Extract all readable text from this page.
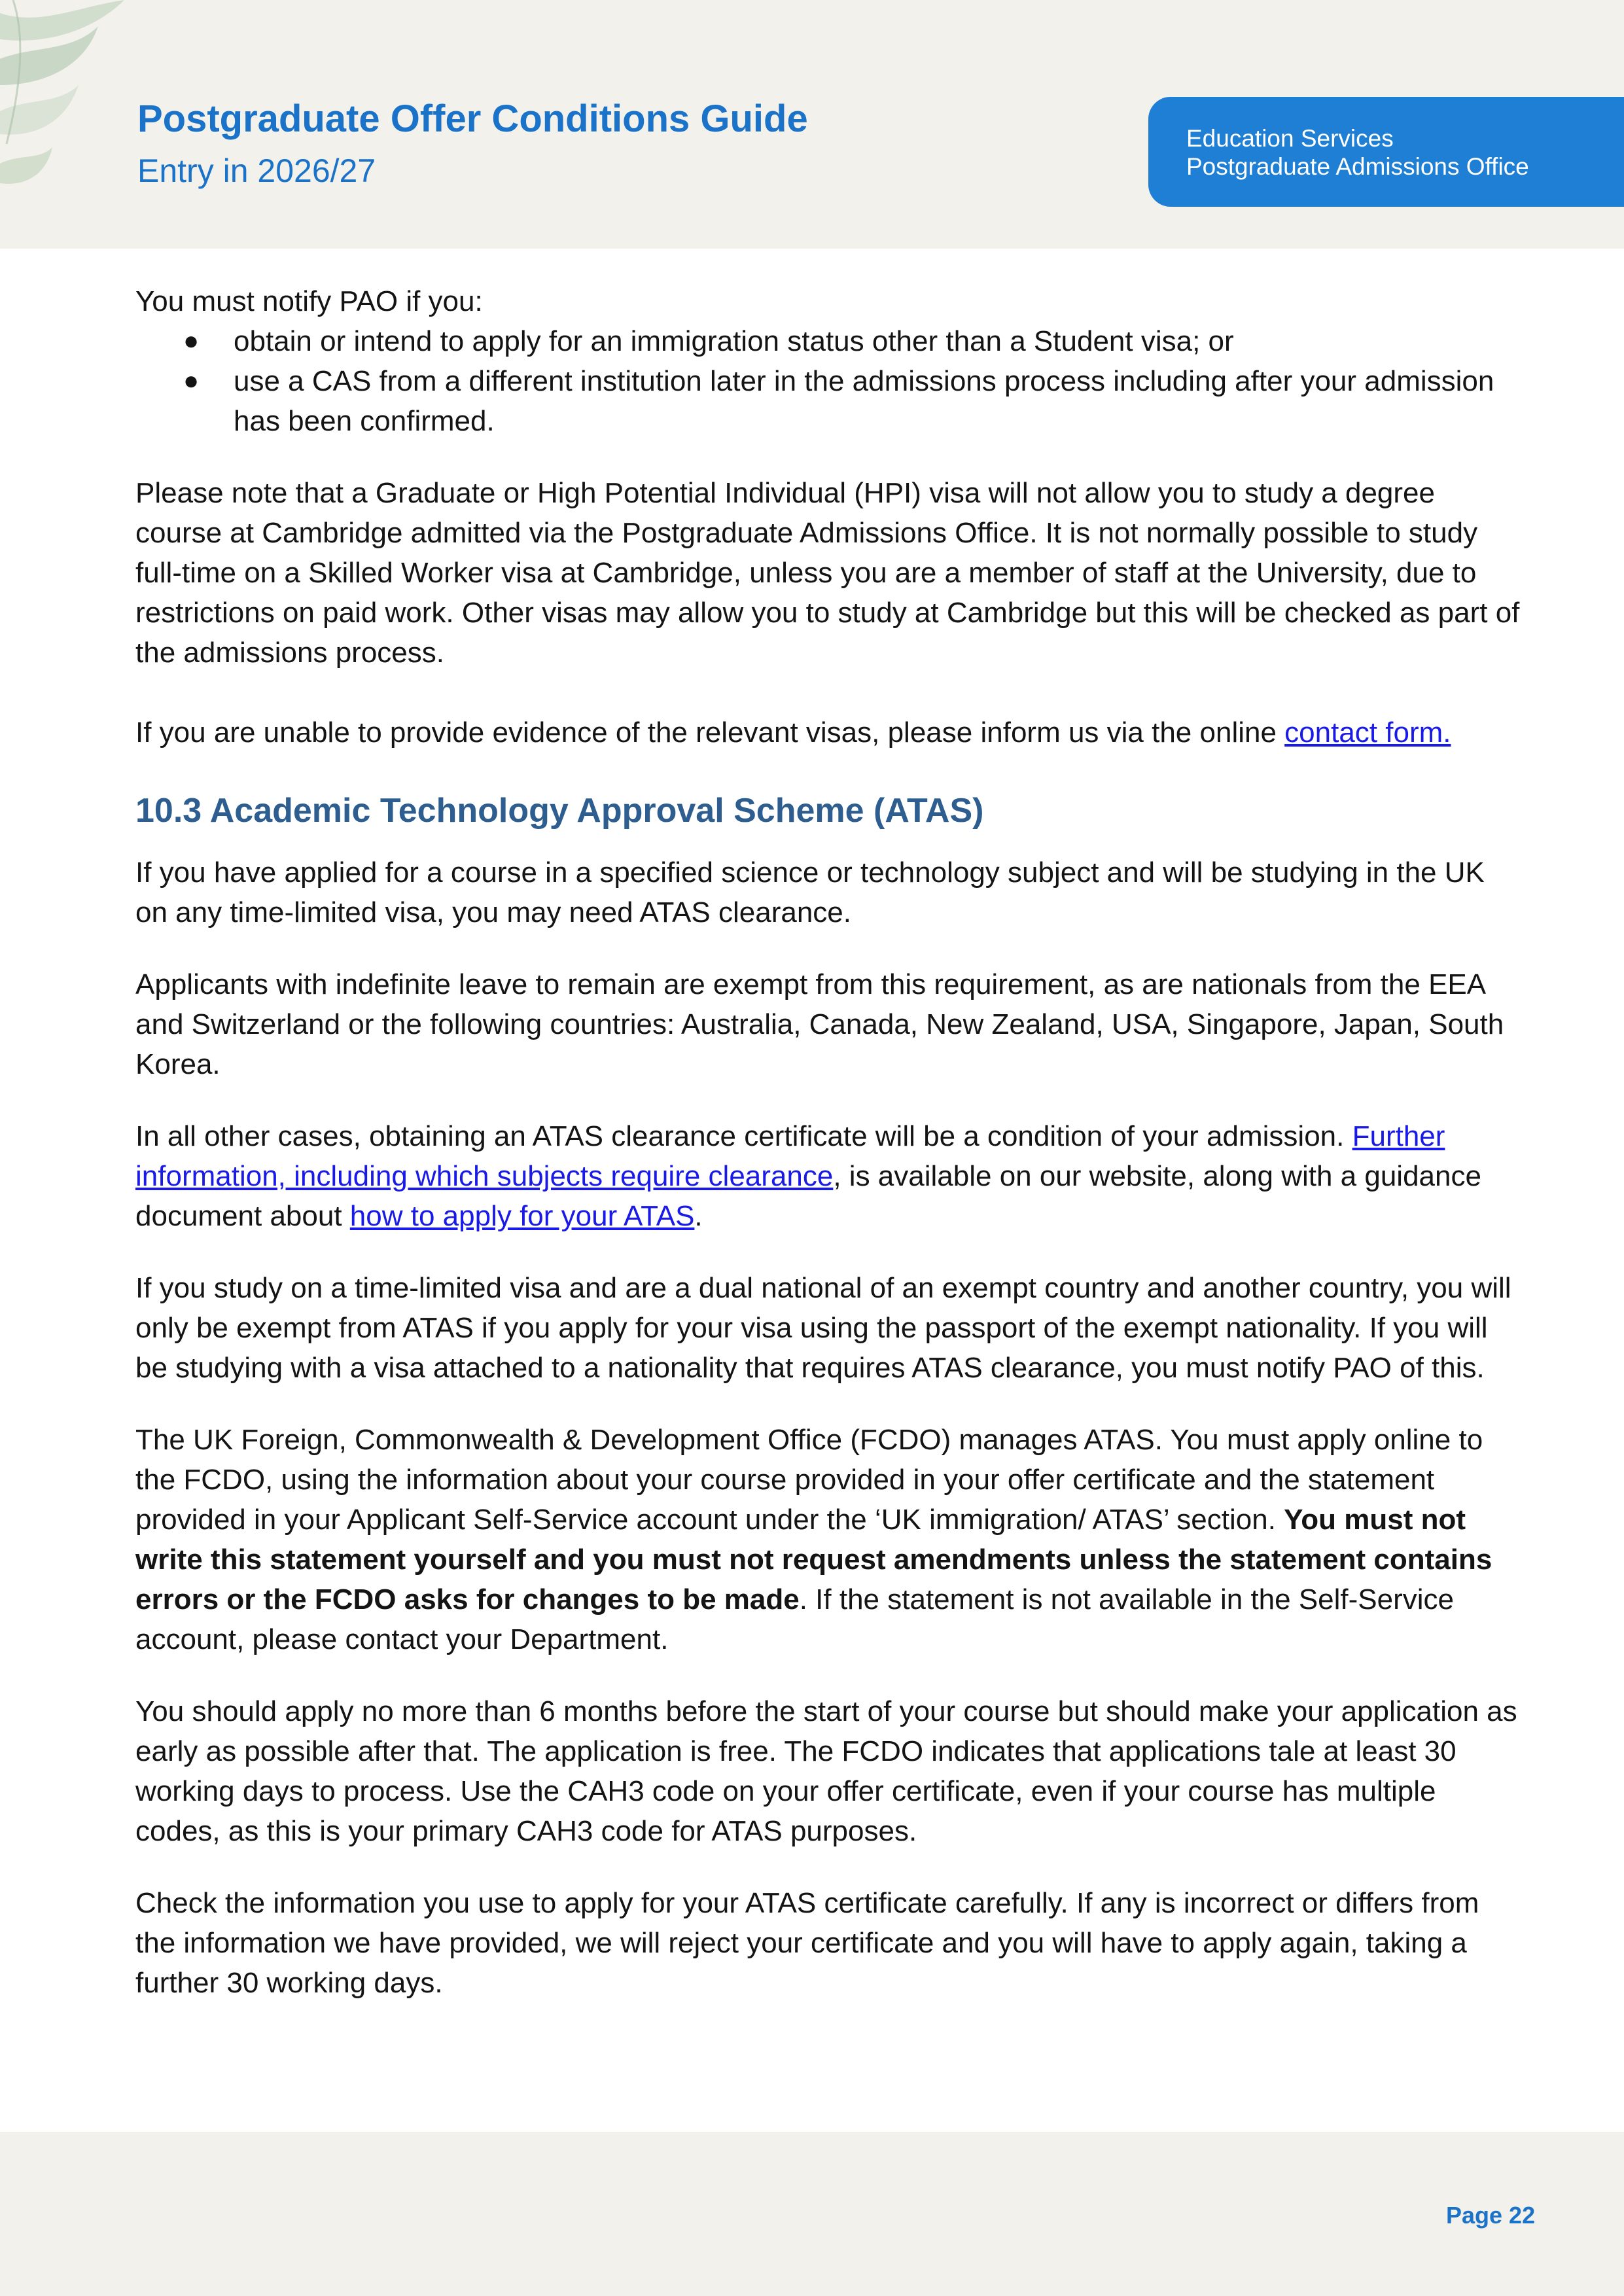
Postgraduate Offer Conditions Guide
Entry in 2026/27
Education Services
Postgraduate Admissions Office

You must notify PAO if you:

● obtain or intend to apply for an immigration status other than a Student visa; or
● use a CAS from a different institution later in the admissions process including after your admission has been confirmed.

Please note that a Graduate or High Potential Individual (HPI) visa will not allow you to study a degree course at Cambridge admitted via the Postgraduate Admissions Office. It is not normally possible to study full-time on a Skilled Worker visa at Cambridge, unless you are a member of staff at the University, due to restrictions on paid work. Other visas may allow you to study at Cambridge but this will be checked as part of the admissions process.

If you are unable to provide evidence of the relevant visas, please inform us via the online contact form.

10.3 Academic Technology Approval Scheme (ATAS)

If you have applied for a course in a specified science or technology subject and will be studying in the UK on any time-limited visa, you may need ATAS clearance.

Applicants with indefinite leave to remain are exempt from this requirement, as are nationals from the EEA and Switzerland or the following countries: Australia, Canada, New Zealand, USA, Singapore, Japan, South Korea.

In all other cases, obtaining an ATAS clearance certificate will be a condition of your admission. Further information, including which subjects require clearance, is available on our website, along with a guidance document about how to apply for your ATAS.

If you study on a time-limited visa and are a dual national of an exempt country and another country, you will only be exempt from ATAS if you apply for your visa using the passport of the exempt nationality. If you will be studying with a visa attached to a nationality that requires ATAS clearance, you must notify PAO of this.

The UK Foreign, Commonwealth & Development Office (FCDO) manages ATAS. You must apply online to the FCDO, using the information about your course provided in your offer certificate and the statement provided in your Applicant Self-Service account under the ‘UK immigration/ ATAS’ section. You must not write this statement yourself and you must not request amendments unless the statement contains errors or the FCDO asks for changes to be made. If the statement is not available in the Self-Service account, please contact your Department.

You should apply no more than 6 months before the start of your course but should make your application as early as possible after that. The application is free. The FCDO indicates that applications tale at least 30 working days to process. Use the CAH3 code on your offer certificate, even if your course has multiple codes, as this is your primary CAH3 code for ATAS purposes.

Check the information you use to apply for your ATAS certificate carefully. If any is incorrect or differs from the information we have provided, we will reject your certificate and you will have to apply again, taking a further 30 working days.

Page 22
